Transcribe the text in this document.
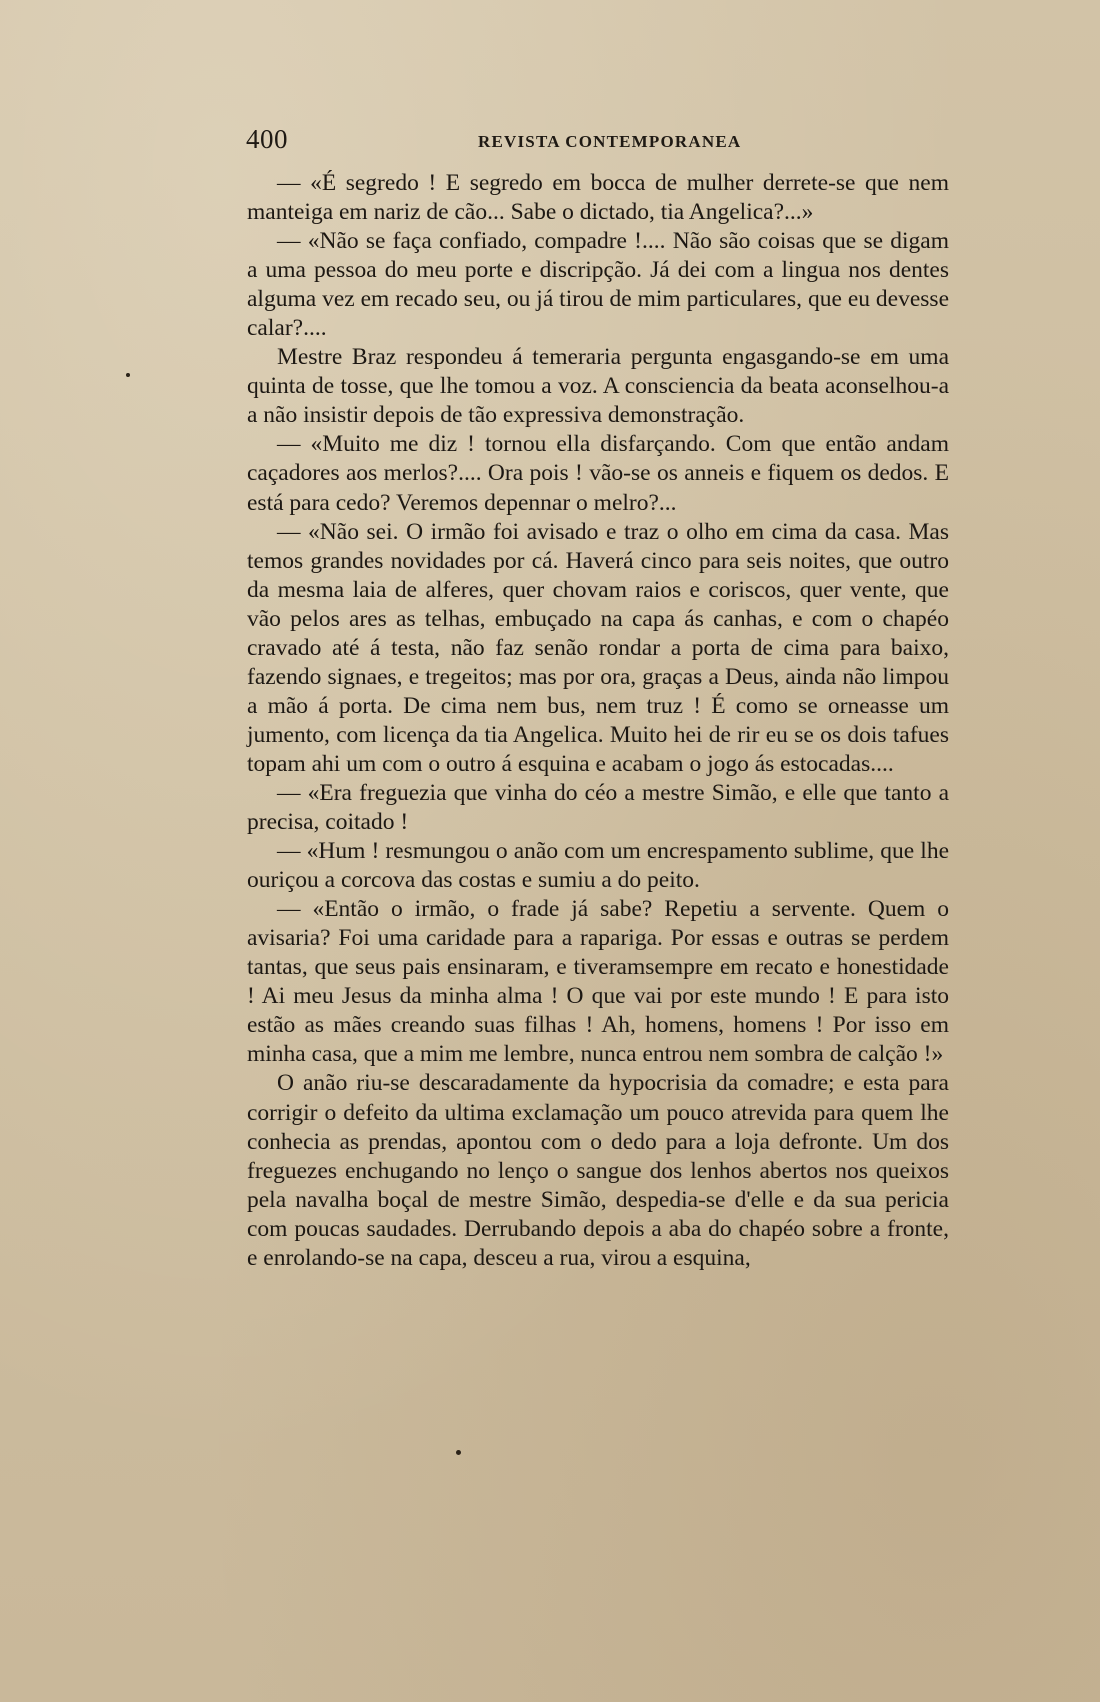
400	REVISTA CONTEMPORANEA

— «É segredo ! E segredo em bocca de mulher derrete-se que nem manteiga em nariz de cão... Sabe o dictado, tia Angelica?...»

— «Não se faça confiado, compadre !.... Não são coisas que se digam a uma pessoa do meu porte e discripção. Já dei com a lingua nos dentes alguma vez em recado seu, ou já tirou de mim particulares, que eu devesse calar?....

Mestre Braz respondeu á temeraria pergunta engasgando-se em uma quinta de tosse, que lhe tomou a voz. A consciencia da beata aconselhou-a a não insistir depois de tão expressiva demonstração.

— «Muito me diz ! tornou ella disfarçando. Com que então andam caçadores aos merlos?.... Ora pois ! vão-se os anneis e fiquem os dedos. E está para cedo? Veremos depennar o melro?...

— «Não sei. O irmão foi avisado e traz o olho em cima da casa. Mas temos grandes novidades por cá. Haverá cinco para seis noites, que outro da mesma laia de alferes, quer chovam raios e coriscos, quer vente, que vão pelos ares as telhas, embuçado na capa ás canhas, e com o chapéo cravado até á testa, não faz senão rondar a porta de cima para baixo, fazendo signaes, e tregeitos; mas por ora, graças a Deus, ainda não limpou a mão á porta. De cima nem bus, nem truz ! É como se orneasse um jumento, com licença da tia Angelica. Muito hei de rir eu se os dois tafues topam ahi um com o outro á esquina e acabam o jogo ás estocadas....

— «Era freguezia que vinha do céo a mestre Simão, e elle que tanto a precisa, coitado !

— «Hum ! resmungou o anão com um encrespamento sublime, que lhe ouriçou a corcova das costas e sumiu a do peito.

— «Então o irmão, o frade já sabe? Repetiu a servente. Quem o avisaria? Foi uma caridade para a rapariga. Por essas e outras se perdem tantas, que seus pais ensinaram, e tiveramsempre em recato e honestidade ! Ai meu Jesus da minha alma ! O que vai por este mundo ! E para isto estão as mães creando suas filhas ! Ah, homens, homens ! Por isso em minha casa, que a mim me lembre, nunca entrou nem sombra de calção !»

O anão riu-se descaradamente da hypocrisia da comadre; e esta para corrigir o defeito da ultima exclamação um pouco atrevida para quem lhe conhecia as prendas, apontou com o dedo para a loja defronte. Um dos freguezes enchugando no lenço o sangue dos lenhos abertos nos queixos pela navalha boçal de mestre Simão, despedia-se d'elle e da sua pericia com poucas saudades. Derrubando depois a aba do chapéo sobre a fronte, e enrolando-se na capa, desceu a rua, virou a esquina,
